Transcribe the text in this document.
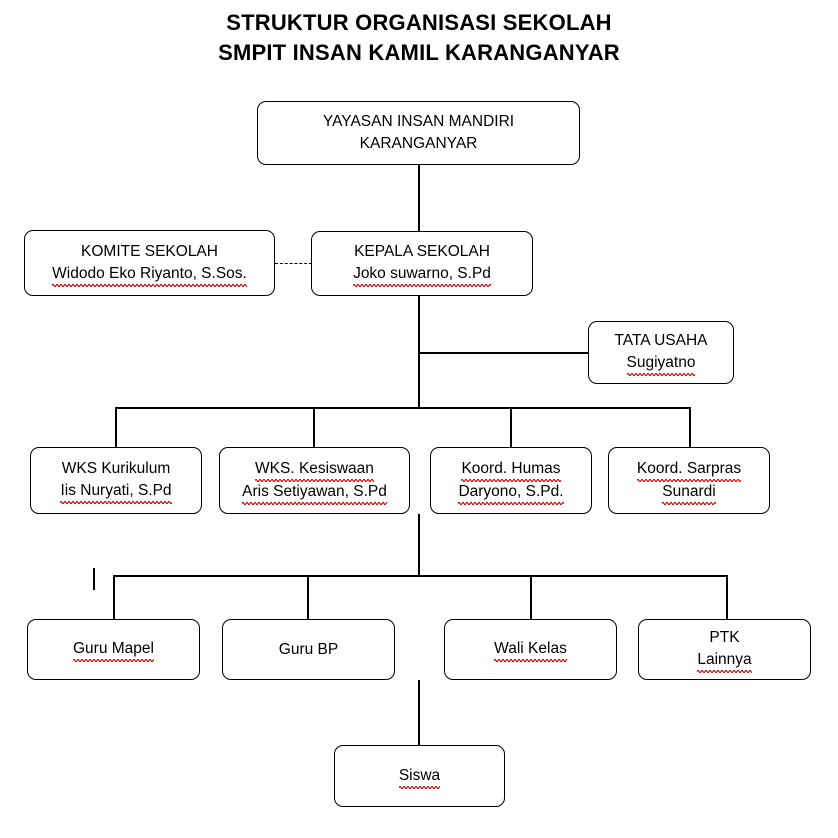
STRUKTUR ORGANISASI SEKOLAH
SMPIT INSAN KAMIL KARANGANYAR
YAYASAN INSAN MANDIRI
KARANGANYAR
KOMITE SEKOLAH
Widodo Eko Riyanto, S.Sos.
KEPALA SEKOLAH
Joko suwarno, S.Pd
TATA USAHA
Sugiyatno
WKS Kurikulum
Iis Nuryati, S.Pd
WKS. Kesiswaan
Aris Setiyawan, S.Pd
Koord. Humas
Daryono, S.Pd.
Koord. Sarpras
Sunardi
Guru Mapel	Guru BP	Wali Kelas
PTK
Lainnya
Siswa
